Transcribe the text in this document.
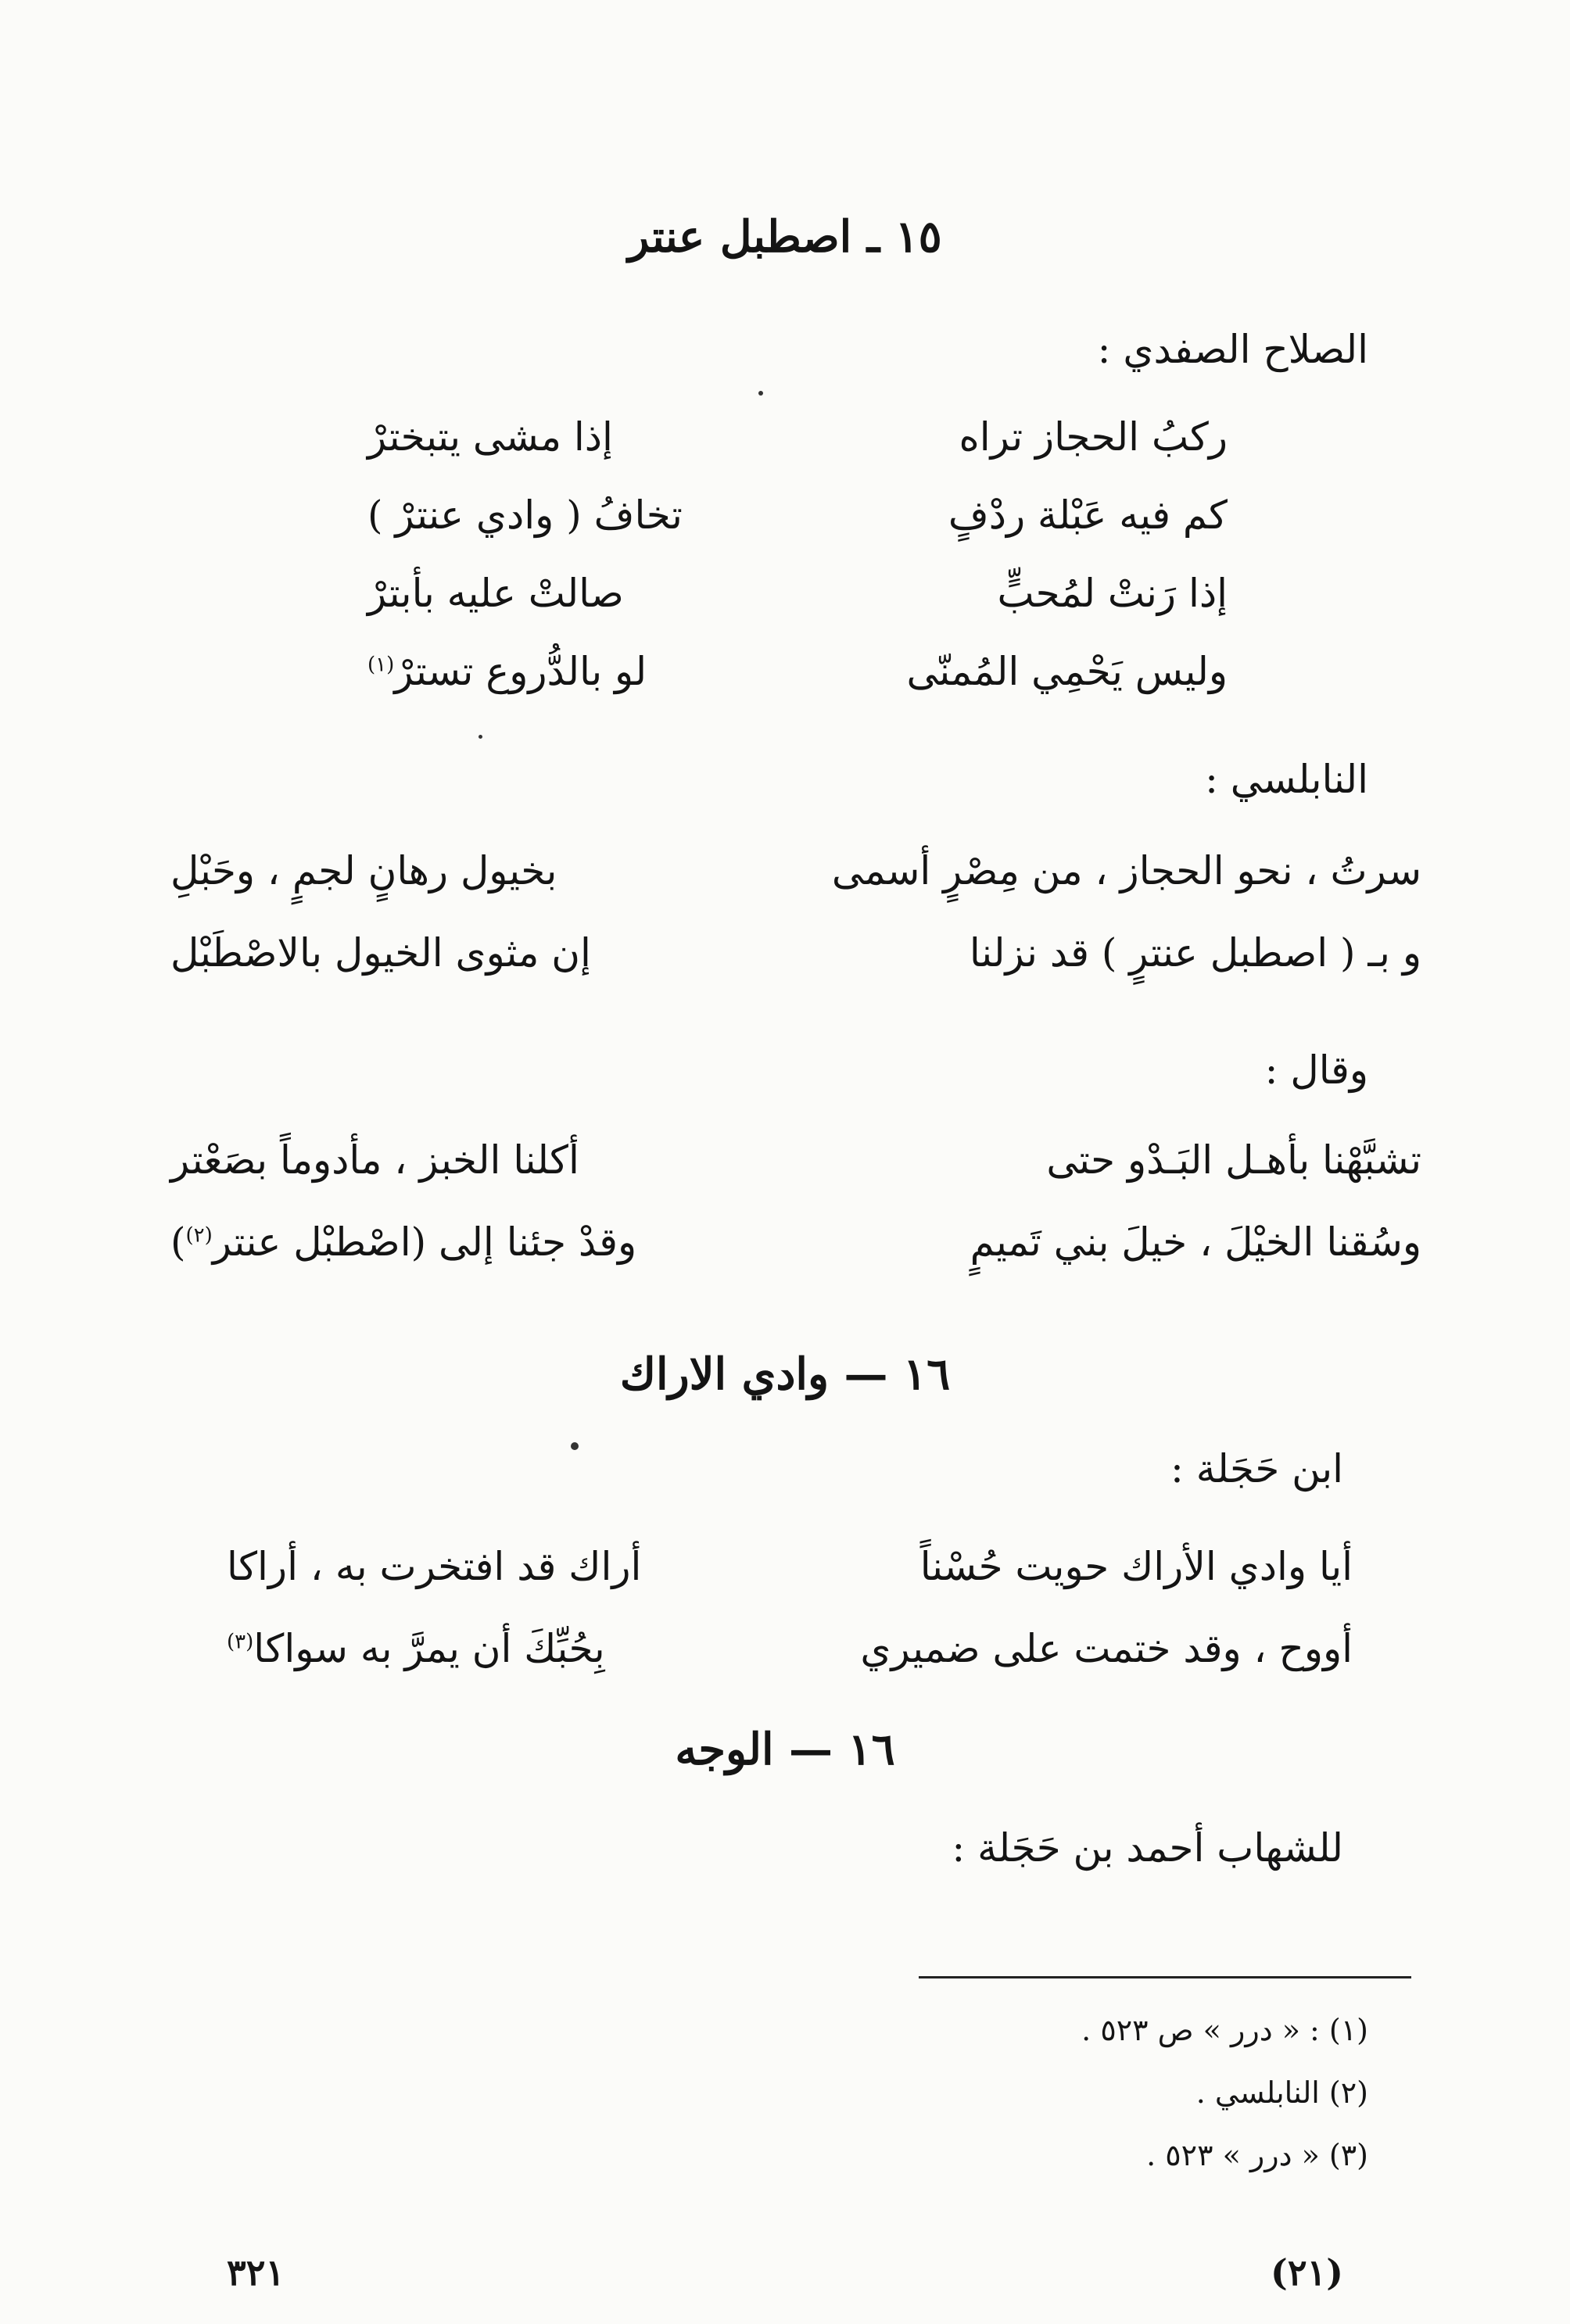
١٥ ـ اصطبل عنتر
الصلاح الصفدي :
ركبُ الحجاز تراه
إذا مشى يتبخترْ
كم فيه عَبْلة ردْفٍ
تخافُ ( وادي عنترْ )
إذا رَنتْ لمُحبٍّ
صالتْ عليه بأبترْ
وليس يَحْمِي المُمنّى
لو بالدُّروع تسترْ$^{(١)}$
النابلسي :
سرتُ ، نحو الحجاز ، من مِصْرٍ أسمى
بخيول رهانٍ لجمٍ ، وحَبْلِ
و بـ ( اصطبل عنترٍ ) قد نزلنا
إن مثوى الخيول بالاصْطَبْل
وقال :
تشبَّهْنا بأهـل البَـدْو حتى
أكلنا الخبز ، مأدوماً بصَعْتر
وسُقنا الخيْلَ ، خيلَ بني تَميمٍ
وقدْ جئنا إلى (اصْطبْل عنتر$^{(٢)}$)
١٦ — وادي الاراك
ابن حَجَلة :
أيا وادي الأراك حويت حُسْناً
أراك قد افتخرت به ، أراكا
أووح ، وقد ختمت على ضميري
بِحُبِّكَ أن يمرَّ به سواكا$^{(٣)}$
١٦ — الوجه
للشهاب أحمد بن حَجَلة :
(١) : « درر » ص ٥٢٣ .
(٢) النابلسي .
(٣) « درر » ٥٢٣ .
٣٢١	(٢١)
